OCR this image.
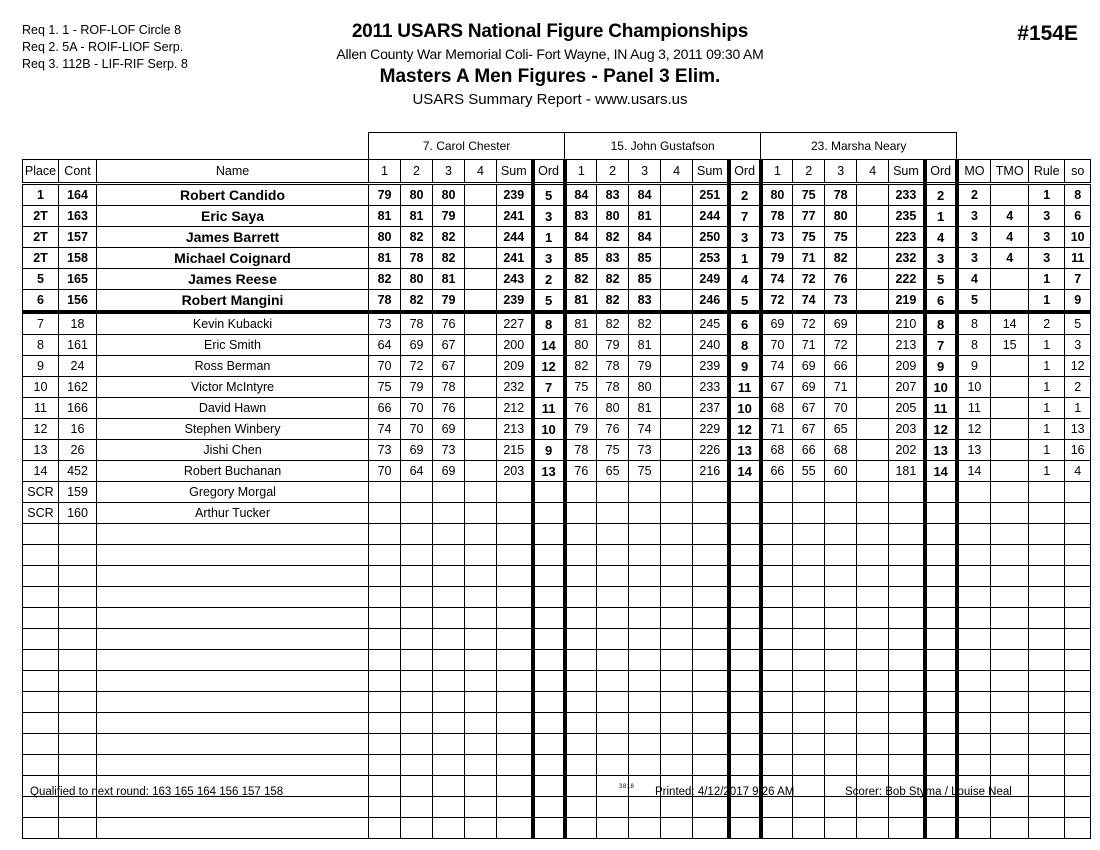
Req 1. 1 - ROF-LOF Circle 8
Req 2. 5A - ROIF-LIOF Serp.
Req 3. 112B - LIF-RIF Serp. 8
2011 USARS National Figure Championships
Allen County War Memorial Coli- Fort Wayne, IN Aug 3, 2011 09:30 AM
Masters A Men Figures - Panel 3 Elim.
USARS Summary Report - www.usars.us
#154E
			7. Carol Chester						15. John Gustafson						23. Marsha Neary									
Place	Cont	Name	1	2	3	4	Sum	Ord	1	2	3	4	Sum	Ord	1	2	3	4	Sum	Ord	MO	TMO	Rule	so
1	164	Robert Candido	79	80	80		239	5	84	83	84		251	2	80	75	78		233	2	2		1	8
2T	163	Eric Saya	81	81	79		241	3	83	80	81		244	7	78	77	80		235	1	3	4	3	6
2T	157	James Barrett	80	82	82		244	1	84	82	84		250	3	73	75	75		223	4	3	4	3	10
2T	158	Michael Coignard	81	78	82		241	3	85	83	85		253	1	79	71	82		232	3	3	4	3	11
5	165	James Reese	82	80	81		243	2	82	82	85		249	4	74	72	76		222	5	4		1	7
6	156	Robert Mangini	78	82	79		239	5	81	82	83		246	5	72	74	73		219	6	5		1	9
7	18	Kevin Kubacki	73	78	76		227	8	81	82	82		245	6	69	72	69		210	8	8	14	2	5
8	161	Eric Smith	64	69	67		200	14	80	79	81		240	8	70	71	72		213	7	8	15	1	3
9	24	Ross Berman	70	72	67		209	12	82	78	79		239	9	74	69	66		209	9	9		1	12
10	162	Victor McIntyre	75	79	78		232	7	75	78	80		233	11	67	69	71		207	10	10		1	2
11	166	David Hawn	66	70	76		212	11	76	80	81		237	10	68	67	70		205	11	11		1	1
12	16	Stephen Winbery	74	70	69		213	10	79	76	74		229	12	71	67	65		203	12	12		1	13
13	26	Jishi Chen	73	69	73		215	9	78	75	73		226	13	68	66	68		202	13	13		1	16
14	452	Robert Buchanan	70	64	69		203	13	76	65	75		216	14	66	55	60		181	14	14		1	4
SCR	159	Gregory Morgal																						
SCR	160	Arthur Tucker																						

Qualified to next round: 163 165 164 156 157 158	3818 Printed: 4/12/2017 9:26 AM	Scorer: Bob Styma / Louise Neal
